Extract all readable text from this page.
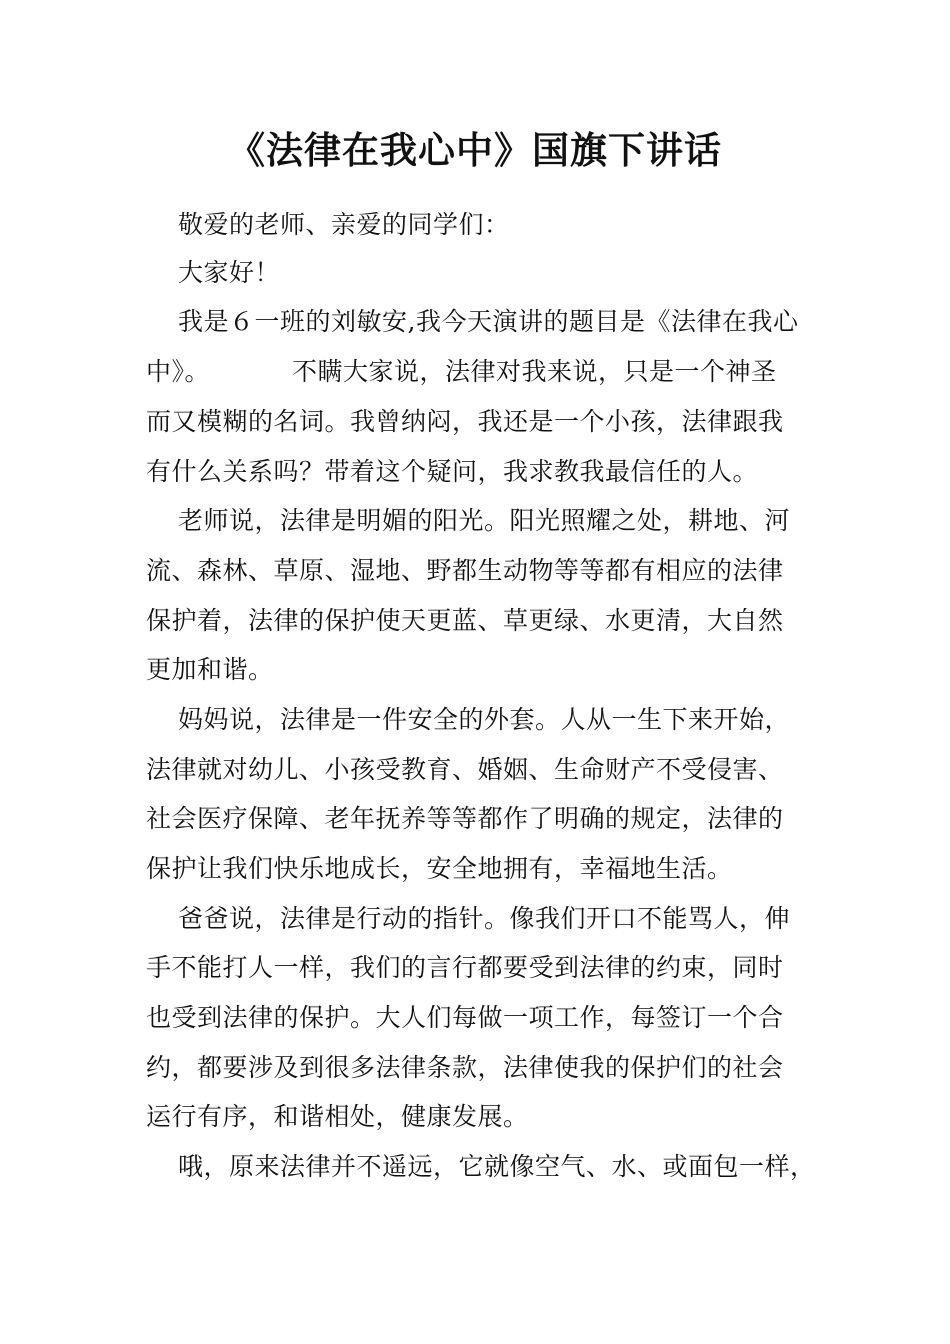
《法律在我心中》国旗下讲话
敬爱的老师、亲爱的同学们：
大家好！
我是６一班的刘敏安,我今天演讲的题目是《法律在我心
中》。	不瞒大家说，法律对我来说，只是一个神圣
而又模糊的名词。我曾纳闷，我还是一个小孩，法律跟我
有什么关系吗？带着这个疑问，我求教我最信任的人。
老师说，法律是明媚的阳光。阳光照耀之处，耕地、河
流、森林、草原、湿地、野都生动物等等都有相应的法律
保护着，法律的保护使天更蓝、草更绿、水更清，大自然
更加和谐。
妈妈说，法律是一件安全的外套。人从一生下来开始，
法律就对幼儿、小孩受教育、婚姻、生命财产不受侵害、
社会医疗保障、老年抚养等等都作了明确的规定，法律的
保护让我们快乐地成长，安全地拥有，幸福地生活。
爸爸说，法律是行动的指针。像我们开口不能骂人，伸
手不能打人一样，我们的言行都要受到法律的约束，同时
也受到法律的保护。大人们每做一项工作，每签订一个合
约，都要涉及到很多法律条款，法律使我的保护们的社会
运行有序，和谐相处，健康发展。
哦，原来法律并不遥远，它就像空气、水、或面包一样，
